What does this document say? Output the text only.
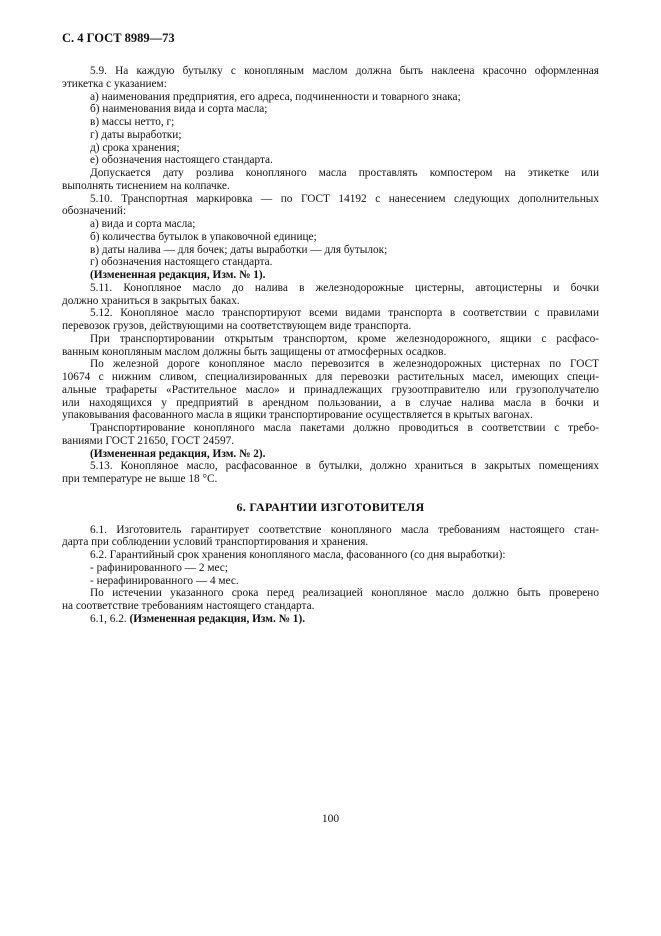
С. 4 ГОСТ 8989—73
5.9. На каждую бутылку с конопляным маслом должна быть наклеена красочно оформленная
этикетка с указанием:
а) наименования предприятия, его адреса, подчиненности и товарного знака;
б) наименования вида и сорта масла;
в) массы нетто, г;
г) даты выработки;
д) срока хранения;
е) обозначения настоящего стандарта.
Допускается дату розлива конопляного масла проставлять компостером на этикетке или
выполнять тиснением на колпачке.
5.10. Транспортная маркировка — по ГОСТ 14192 с нанесением следующих дополнительных
обозначений:
а) вида и сорта масла;
б) количества бутылок в упаковочной единице;
в) даты налива — для бочек; даты выработки — для бутылок;
г) обозначения настоящего стандарта.
(Измененная редакция, Изм. № 1).
5.11. Конопляное масло до налива в железнодорожные цистерны, автоцистерны и бочки
должно храниться в закрытых баках.
5.12. Конопляное масло транспортируют всеми видами транспорта в соответствии с правилами
перевозок грузов, действующими на соответствующем виде транспорта.
При транспортировании открытым транспортом, кроме железнодорожного, ящики с расфасо-
ванным конопляным маслом должны быть защищены от атмосферных осадков.
По железной дороге конопляное масло перевозится в железнодорожных цистернах по ГОСТ
10674 с нижним сливом, специализированных для перевозки растительных масел, имеющих специ-
альные трафареты «Растительное масло» и принадлежащих грузоотправителю или грузополучателю
или находящихся у предприятий в арендном пользовании, а в случае налива масла в бочки и
упаковывания фасованного масла в ящики транспортирование осуществляется в крытых вагонах.
Транспортирование конопляного масла пакетами должно проводиться в соответствии с требо-
ваниями ГОСТ 21650, ГОСТ 24597.
(Измененная редакция, Изм. № 2).
5.13. Конопляное масло, расфасованное в бутылки, должно храниться в закрытых помещениях
при температуре не выше 18 °С.
6. ГАРАНТИИ ИЗГОТОВИТЕЛЯ
6.1. Изготовитель гарантирует соответствие конопляного масла требованиям настоящего стан-
дарта при соблюдении условий транспортирования и хранения.
6.2. Гарантийный срок хранения конопляного масла, фасованного (со дня выработки):
- рафинированного — 2 мес;
- нерафинированного — 4 мес.
По истечении указанного срока перед реализацией конопляное масло должно быть проверено
на соответствие требованиям настоящего стандарта.
6.1, 6.2. (Измененная редакция, Изм. № 1).
100
